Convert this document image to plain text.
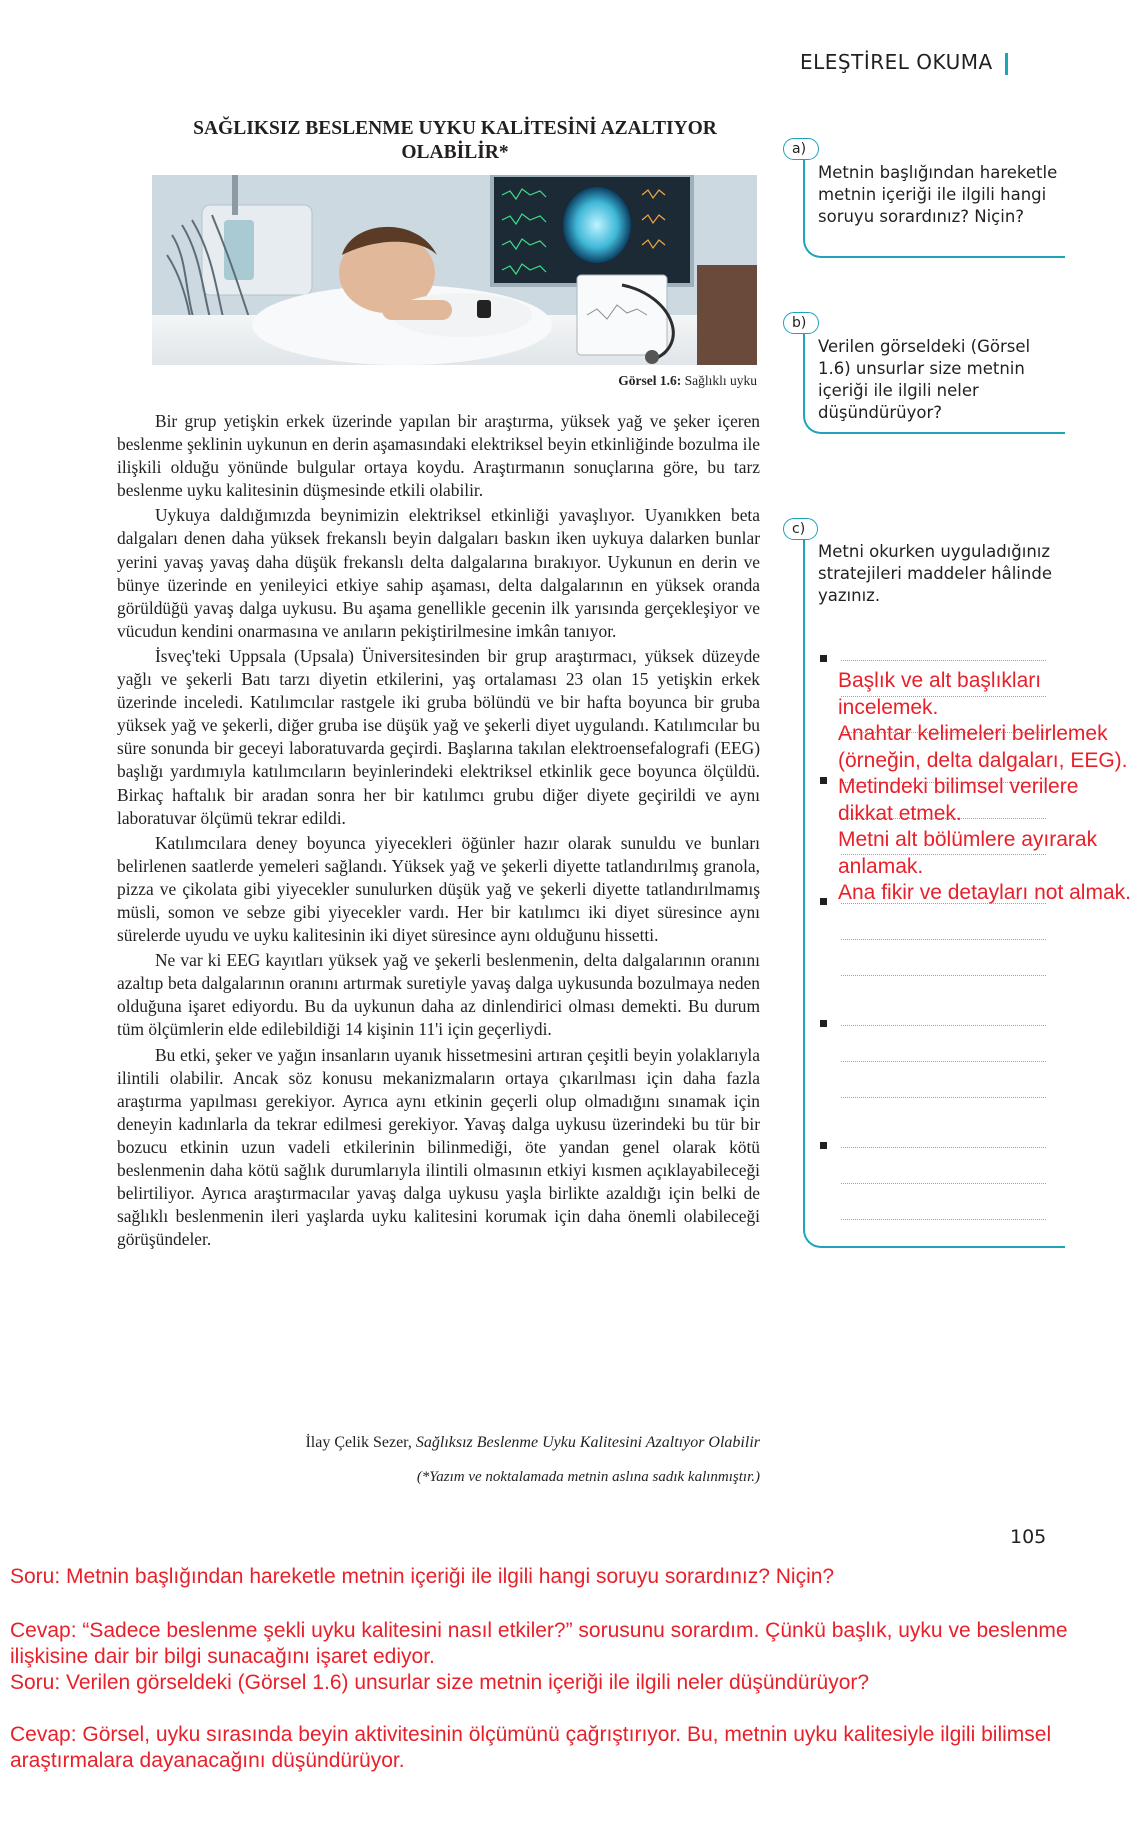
ELEŞTİREL OKUMA
SAĞLIKSIZ BESLENME UYKU KALİTESİNİ AZALTIYOR OLABİLİR*
Görsel 1.6: Sağlıklı uyku

Bir grup yetişkin erkek üzerinde yapılan bir araştırma, yüksek yağ ve şeker içeren beslenme şeklinin uykunun en derin aşamasındaki elektriksel beyin etkinliğinde bozulma ile ilişkili olduğu yönünde bulgular ortaya koydu. Araştırmanın sonuçlarına göre, bu tarz beslenme uyku kalitesinin düşmesinde etkili olabilir.

Uykuya daldığımızda beynimizin elektriksel etkinliği yavaşlıyor. Uyanıkken beta dalgaları denen daha yüksek frekanslı beyin dalgaları baskın iken uykuya dalarken bunlar yerini yavaş yavaş daha düşük frekanslı delta dalgalarına bırakıyor. Uykunun en derin ve bünye üzerinde en yenileyici etkiye sahip aşaması, delta dalgalarının en yüksek oranda görüldüğü yavaş dalga uykusu. Bu aşama genellikle gecenin ilk yarısında gerçekleşiyor ve vücudun kendini onarmasına ve anıların pekiştirilmesine imkân tanıyor.

İsveç'teki Uppsala (Upsala) Üniversitesinden bir grup araştırmacı, yüksek düzeyde yağlı ve şekerli Batı tarzı diyetin etkilerini, yaş ortalaması 23 olan 15 yetişkin erkek üzerinde inceledi. Katılımcılar rastgele iki gruba bölündü ve bir hafta boyunca bir gruba yüksek yağ ve şekerli, diğer gruba ise düşük yağ ve şekerli diyet uygulandı. Katılımcılar bu süre sonunda bir geceyi laboratuvarda geçirdi. Başlarına takılan elektroensefalografi (EEG) başlığı yardımıyla katılımcıların beyinlerindeki elektriksel etkinlik gece boyunca ölçüldü. Birkaç haftalık bir aradan sonra her bir katılımcı grubu diğer diyete geçirildi ve aynı laboratuvar ölçümü tekrar edildi.

Katılımcılara deney boyunca yiyecekleri öğünler hazır olarak sunuldu ve bunları belirlenen saatlerde yemeleri sağlandı. Yüksek yağ ve şekerli diyette tatlandırılmış granola, pizza ve çikolata gibi yiyecekler sunulurken düşük yağ ve şekerli diyette tatlandırılmamış müsli, somon ve sebze gibi yiyecekler vardı. Her bir katılımcı iki diyet süresince aynı sürelerde uyudu ve uyku kalitesinin iki diyet süresince aynı olduğunu hissetti.

Ne var ki EEG kayıtları yüksek yağ ve şekerli beslenmenin, delta dalgalarının oranını azaltıp beta dalgalarının oranını artırmak suretiyle yavaş dalga uykusunda bozulmaya neden olduğuna işaret ediyordu. Bu da uykunun daha az dinlendirici olması demekti. Bu durum tüm ölçümlerin elde edilebildiği 14 kişinin 11'i için geçerliydi.

Bu etki, şeker ve yağın insanların uyanık hissetmesini artıran çeşitli beyin yolaklarıyla ilintili olabilir. Ancak söz konusu mekanizmaların ortaya çıkarılması için daha fazla araştırma yapılması gerekiyor. Ayrıca aynı etkinin geçerli olup olmadığını sınamak için deneyin kadınlarla da tekrar edilmesi gerekiyor. Yavaş dalga uykusu üzerindeki bu tür bir bozucu etkinin uzun vadeli etkilerinin bilinmediği, öte yandan genel olarak kötü beslenmenin daha kötü sağlık durumlarıyla ilintili olmasının etkiyi kısmen açıklayabileceği belirtiliyor. Ayrıca araştırmacılar yavaş dalga uykusu yaşla birlikte azaldığı için belki de sağlıklı beslenmenin ileri yaşlarda uyku kalitesini korumak için daha önemli olabileceği görüşündeler.

İlay Çelik Sezer, Sağlıksız Beslenme Uyku Kalitesini Azaltıyor Olabilir
(*Yazım ve noktalamada metnin aslına sadık kalınmıştır.)
a)
Metnin başlığından hareketle metnin içeriği ile ilgili hangi soruyu sorardınız? Niçin?
b)
Verilen görseldeki (Görsel 1.6) unsurlar size metnin içeriği ile ilgili neler düşündürüyor?
c)
Metni okurken uyguladığınız stratejileri maddeler hâlinde yazınız.
Başlık ve alt başlıkları incelemek.
Anahtar kelimeleri belirlemek (örneğin, delta dalgaları, EEG).
Metindeki bilimsel verilere dikkat etmek.
Metni alt bölümlere ayırarak anlamak.
Ana fikir ve detayları not almak.
105
Soru: Metnin başlığından hareketle metnin içeriği ile ilgili hangi soruyu sorardınız? Niçin?
Cevap: “Sadece beslenme şekli uyku kalitesini nasıl etkiler?” sorusunu sorardım. Çünkü başlık, uyku ve beslenme ilişkisine dair bir bilgi sunacağını işaret ediyor.
Soru: Verilen görseldeki (Görsel 1.6) unsurlar size metnin içeriği ile ilgili neler düşündürüyor?
Cevap: Görsel, uyku sırasında beyin aktivitesinin ölçümünü çağrıştırıyor. Bu, metnin uyku kalitesiyle ilgili bilimsel araştırmalara dayanacağını düşündürüyor.
